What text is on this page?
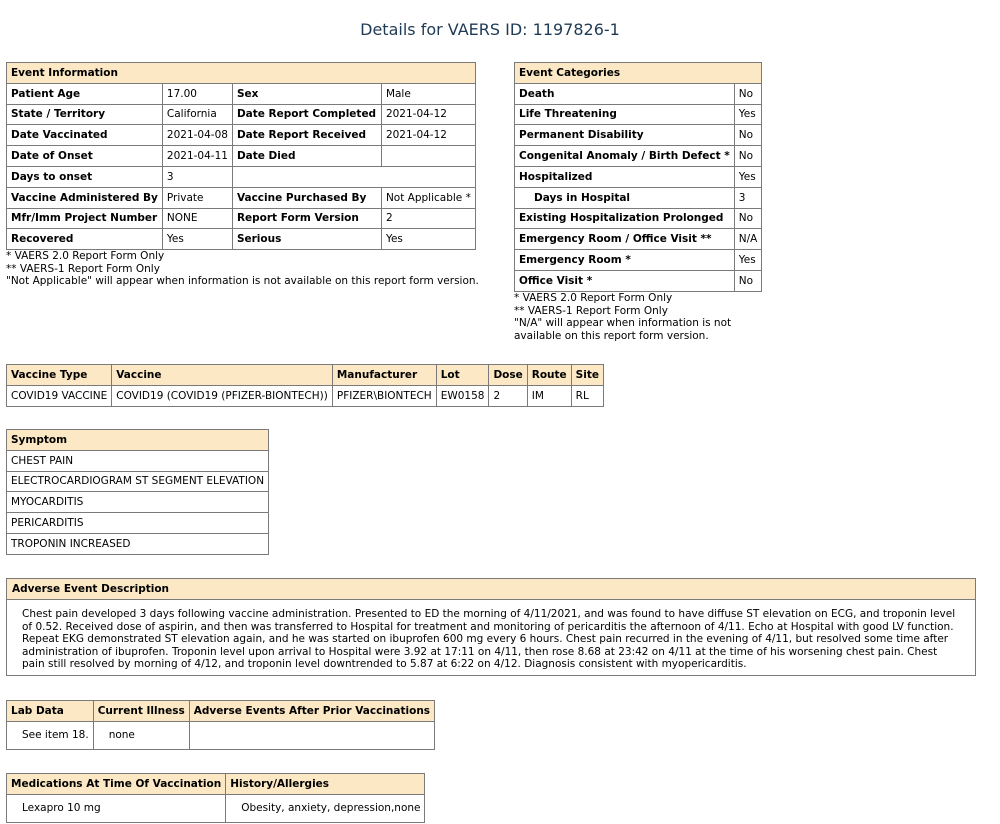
Details for VAERS ID: 1197826-1
Event Information			
Patient Age	17.00	Sex	Male
State / Territory	California	Date Report Completed	2021-04-12
Date Vaccinated	2021-04-08	Date Report Received	2021-04-12
Date of Onset	2021-04-11	Date Died	
Days to onset	3		
Vaccine Administered By	Private	Vaccine Purchased By	Not Applicable *
Mfr/Imm Project Number	NONE	Report Form Version	2
Recovered	Yes	Serious	Yes
* VAERS 2.0 Report Form Only
** VAERS-1 Report Form Only
"Not Applicable" will appear when information is not available on this report form version.
Event Categories	
Death	No
Life Threatening	Yes
Permanent Disability	No
Congenital Anomaly / Birth Defect *	No
Hospitalized	Yes
Days in Hospital	3
Existing Hospitalization Prolonged	No
Emergency Room / Office Visit **	N/A
Emergency Room *	Yes
Office Visit *	No
* VAERS 2.0 Report Form Only
** VAERS-1 Report Form Only
"N/A" will appear when information is not
available on this report form version.
Vaccine Type	Vaccine	Manufacturer	Lot	Dose	Route	Site
COVID19 VACCINE	COVID19 (COVID19 (PFIZER-BIONTECH))	PFIZER\BIONTECH	EW0158	2	IM	RL
Symptom
CHEST PAIN
ELECTROCARDIOGRAM ST SEGMENT ELEVATION
MYOCARDITIS
PERICARDITIS
TROPONIN INCREASED
Adverse Event Description
Chest pain developed 3 days following vaccine administration. Presented to ED the morning of 4/11/2021, and was found to have diffuse ST elevation on ECG, and troponin level of 0.52. Received dose of aspirin, and then was transferred to Hospital for treatment and monitoring of pericarditis the afternoon of 4/11. Echo at Hospital with good LV function. Repeat EKG demonstrated ST elevation again, and he was started on ibuprofen 600 mg every 6 hours. Chest pain recurred in the evening of 4/11, but resolved some time after administration of ibuprofen. Troponin level upon arrival to Hospital were 3.92 at 17:11 on 4/11, then rose 8.68 at 23:42 on 4/11 at the time of his worsening chest pain. Chest pain still resolved by morning of 4/12, and troponin level downtrended to 5.87 at 6:22 on 4/12. Diagnosis consistent with myopericarditis.
Lab Data	Current Illness	Adverse Events After Prior Vaccinations
See item 18.	none	
Medications At Time Of Vaccination	History/Allergies
Lexapro 10 mg	Obesity, anxiety, depression,none
